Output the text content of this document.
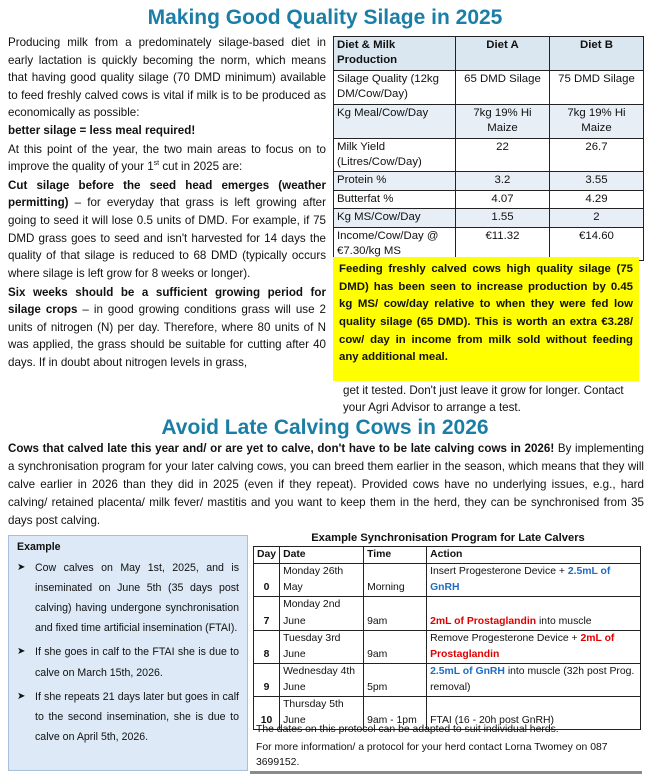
Making Good Quality Silage in 2025

Producing milk from a predominately silage-based diet in early lactation is quickly becoming the norm, which means that having good quality silage (70 DMD minimum) available to feed freshly calved cows is vital if milk is to be produced as economically as possible:
better silage = less meal required!

At this point of the year, the two main areas to focus on to improve the quality of your 1st cut in 2025 are:

Cut silage before the seed head emerges (weather permitting) – for everyday that grass is left growing after going to seed it will lose 0.5 units of DMD. For example, if 75 DMD grass goes to seed and isn't harvested for 14 days the quality of that silage is reduced to 68 DMD (typically occurs where silage is left grow for 8 weeks or longer).

Six weeks should be a sufficient growing period for silage crops – in good growing conditions grass will use 2 units of nitrogen (N) per day. Therefore, where 80 units of N was applied, the grass should be suitable for cutting after 40 days. If in doubt about nitrogen levels in grass,

Diet & Milk Production	Diet A	Diet B
Silage Quality (12kg DM/Cow/Day)	65 DMD Silage	75 DMD Silage
Kg Meal/Cow/Day	7kg 19% Hi Maize	7kg 19% Hi Maize
Milk Yield (Litres/Cow/Day)	22	26.7
Protein %	3.2	3.55
Butterfat %	4.07	4.29
Kg MS/Cow/Day	1.55	2
Income/Cow/Day @ €7.30/kg MS	€11.32	€14.60
Feeding freshly calved cows high quality silage (75 DMD) has been seen to increase production by 0.45 kg MS/ cow/day relative to when they were fed low quality silage (65 DMD). This is worth an extra €3.28/ cow/ day in income from milk sold without feeding any additional meal.
get it tested. Don't just leave it grow for longer. Contact your Agri Advisor to arrange a test.
Avoid Late Calving Cows in 2026
Cows that calved late this year and/ or are yet to calve, don't have to be late calving cows in 2026! By implementing a synchronisation program for your later calving cows, you can breed them earlier in the season, which means that they will calve earlier in 2026 than they did in 2025 (even if they repeat). Provided cows have no underlying issues, e.g., hard calving/ retained placenta/ milk fever/ mastitis and you want to keep them in the herd, they can be synchronised from 35 days post calving.
Example
➤ Cow calves on May 1st, 2025, and is inseminated on June 5th (35 days post calving) having undergone synchronisation and fixed time artificial insemination (FTAI).
➤ If she goes in calf to the FTAI she is due to calve on March 15th, 2026.
➤ If she repeats 21 days later but goes in calf to the second insemination, she is due to calve on April 5th, 2026.
Example Synchronisation Program for Late Calvers
Day	Date	Time	Action
0	Monday 26th May	Morning	Insert Progesterone Device + 2.5mL of GnRH
7	Monday 2nd June	9am	2mL of Prostaglandin into muscle
8	Tuesday 3rd June	9am	Remove Progesterone Device + 2mL of Prostaglandin
9	Wednesday 4th June	5pm	2.5mL of GnRH into muscle (32h post Prog. removal)
10	Thursday 5th June	9am - 1pm	FTAI (16 - 20h post GnRH)

The dates on this protocol can be adapted to suit individual herds.

For more information/ a protocol for your herd contact Lorna Twomey on 087 3699152.
